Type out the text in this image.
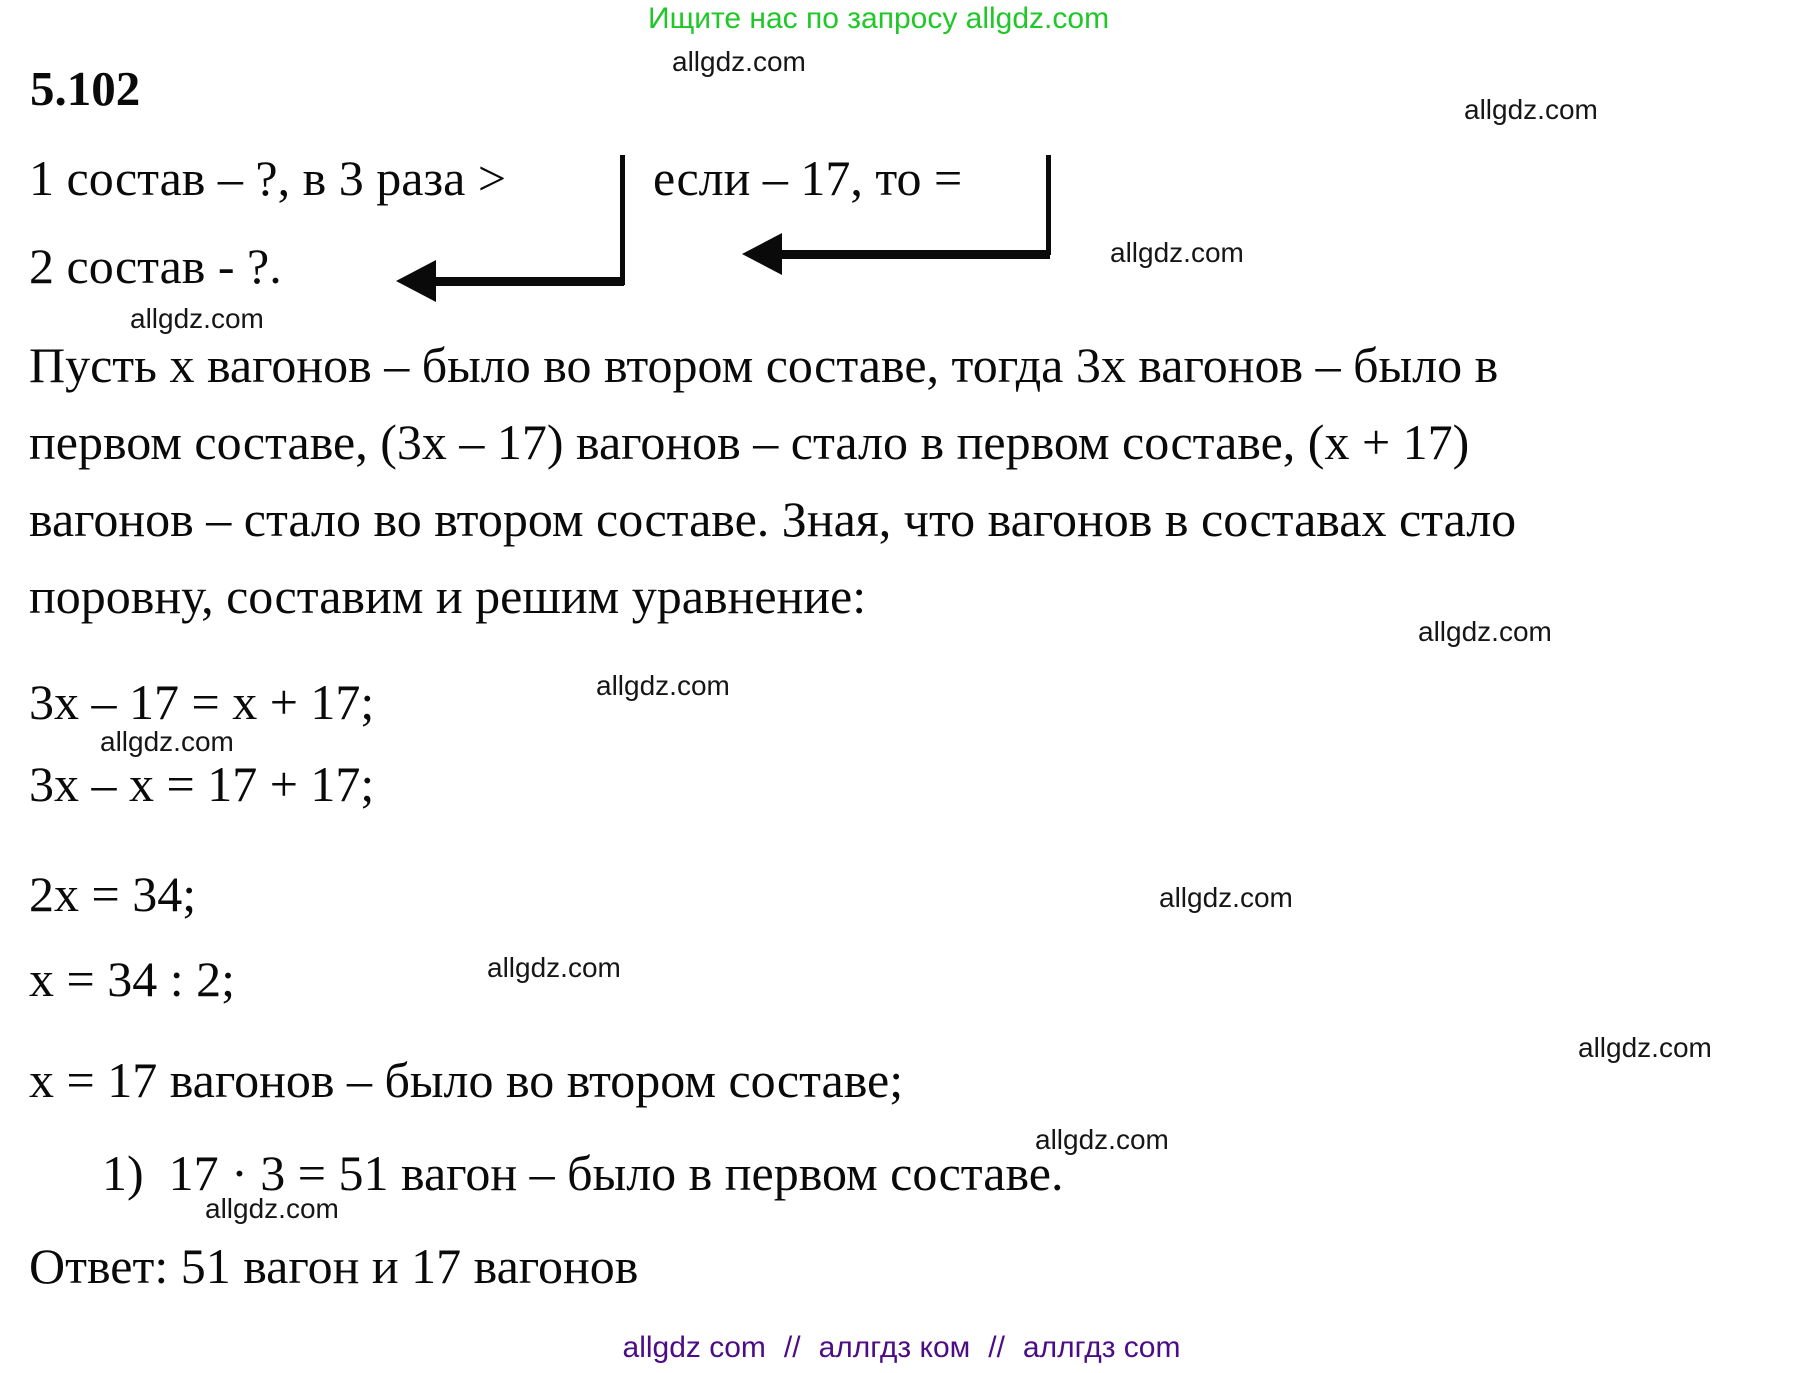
Ищите нас по запросу allgdz.com
allgdz.com
allgdz.com
allgdz.com
allgdz.com
allgdz.com
allgdz.com
allgdz.com
allgdz.com
allgdz.com
allgdz.com
allgdz.com
allgdz.com
5.102
1 состав – ?, в 3 раза >	если – 17, то =
2 состав - ?.
Пусть х вагонов – было во втором составе, тогда 3х вагонов – было в
первом составе, (3х – 17) вагонов – стало в первом составе, (х + 17)
вагонов – стало во втором составе. Зная, что вагонов в составах стало
поровну, составим и решим уравнение:
3х – 17 = х + 17;
3х – х = 17 + 17;
2х = 34;
х = 34 : 2;
х = 17 вагонов – было во втором составе;
1)  17 · 3 = 51 вагон – было в первом составе.
Ответ: 51 вагон и 17 вагонов
allgdz com // аллгдз ком // аллгдз com
